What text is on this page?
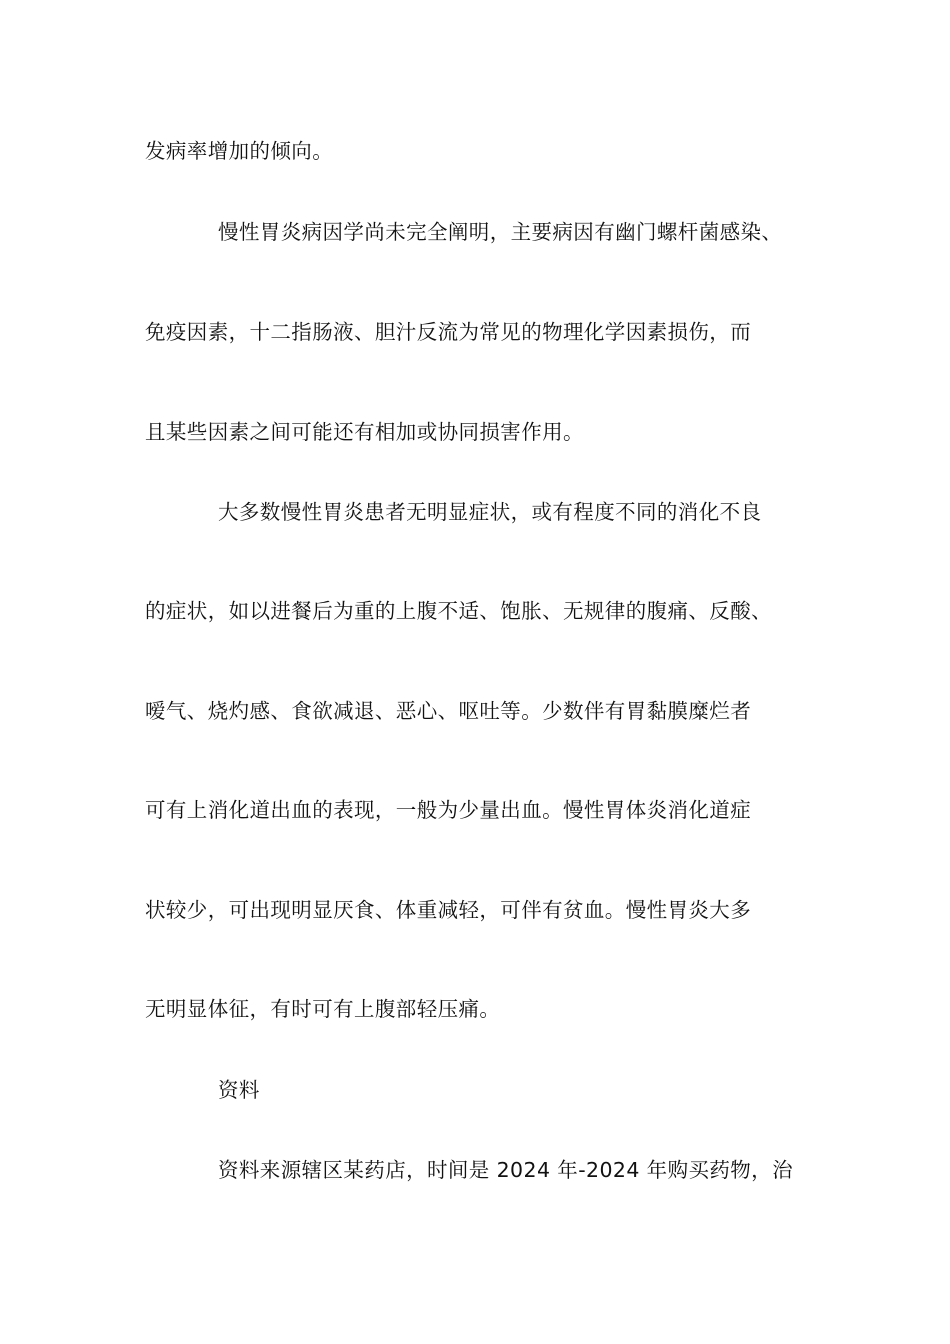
发病率增加的倾向。
慢性胃炎病因学尚未完全阐明，主要病因有幽门螺杆菌感染、
免疫因素，十二指肠液、胆汁反流为常见的物理化学因素损伤，而
且某些因素之间可能还有相加或协同损害作用。
大多数慢性胃炎患者无明显症状，或有程度不同的消化不良
的症状，如以进餐后为重的上腹不适、饱胀、无规律的腹痛、反酸、
嗳气、烧灼感、食欲减退、恶心、呕吐等。少数伴有胃黏膜糜烂者
可有上消化道出血的表现，一般为少量出血。慢性胃体炎消化道症
状较少，可出现明显厌食、体重减轻，可伴有贫血。慢性胃炎大多
无明显体征，有时可有上腹部轻压痛。
资料
资料来源辖区某药店，时间是 2024 年-2024 年购买药物，治
